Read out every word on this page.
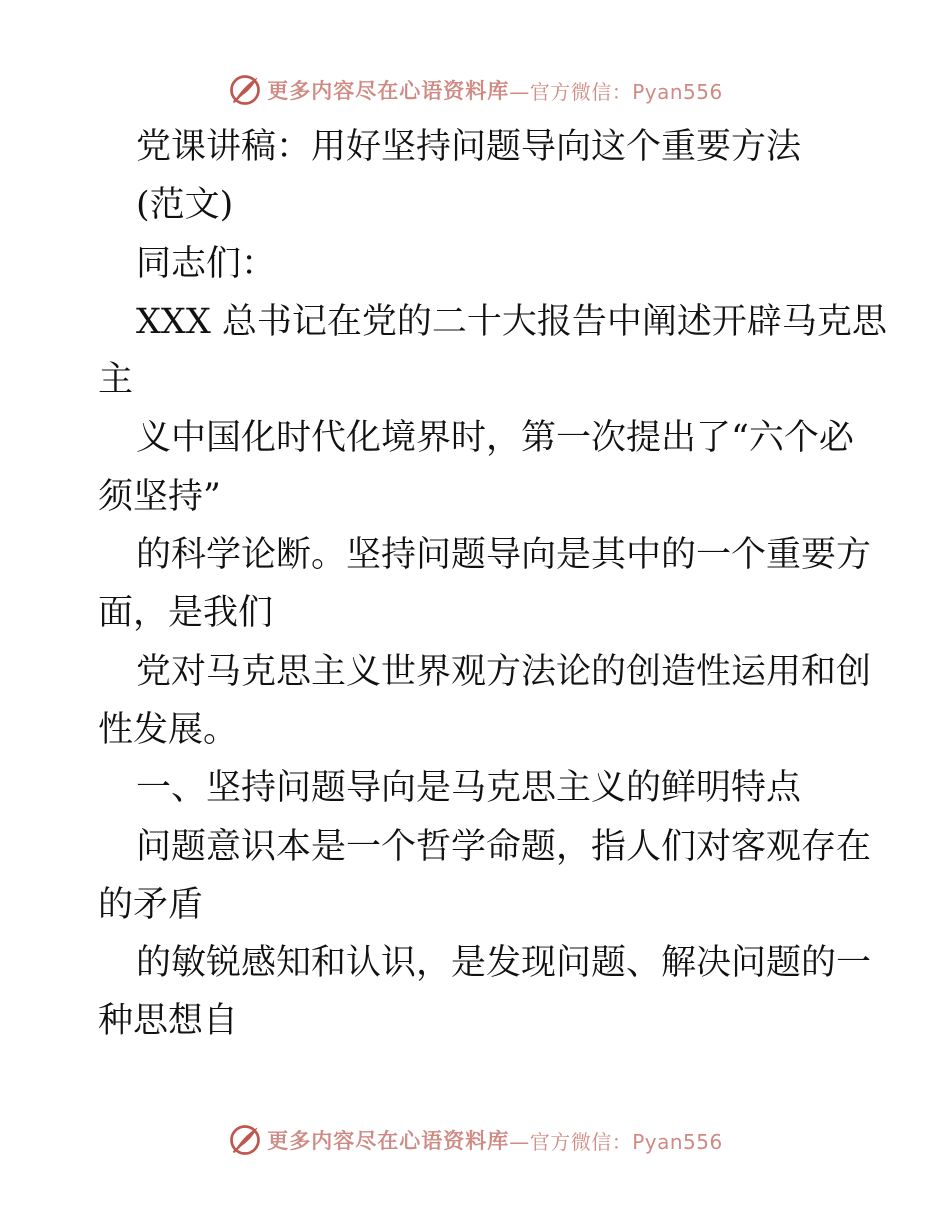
更多内容尽在心语资料库 —官方微信：Pyan556
党课讲稿：用好坚持问题导向这个重要方法
(范文)
同志们：
XXX 总书记在党的二十大报告中阐述开辟马克思
主
义中国化时代化境界时，第一次提出了“六个必
须坚持”
的科学论断。坚持问题导向是其中的一个重要方
面，是我们
党对马克思主义世界观方法论的创造性运用和创
性发展。
一、坚持问题导向是马克思主义的鲜明特点
问题意识本是一个哲学命题，指人们对客观存在
的矛盾
的敏锐感知和认识，是发现问题、解决问题的一
种思想自
更多内容尽在心语资料库 —官方微信：Pyan556
